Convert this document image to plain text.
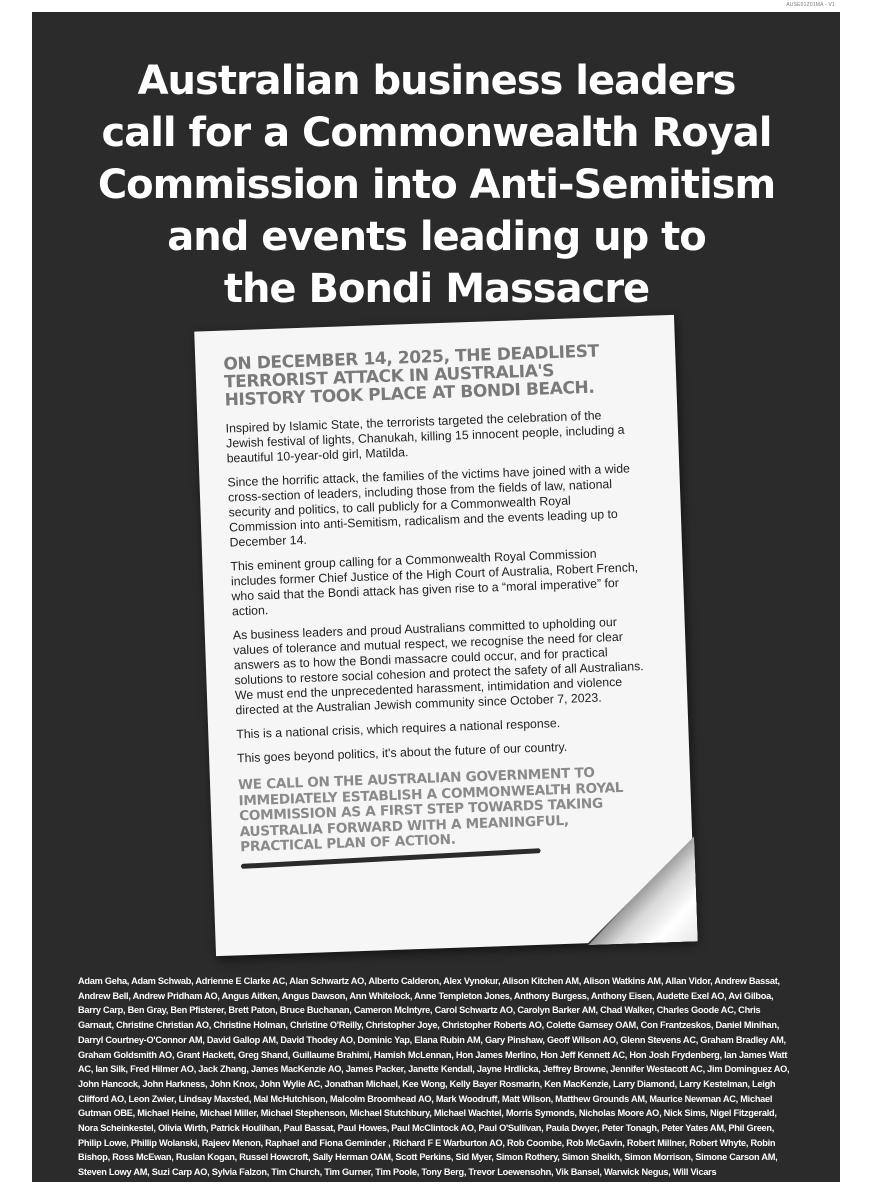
AUSE01Z01MA - V1
Australian business leaders
call for a Commonwealth Royal
Commission into Anti-Semitism
and events leading up to
the Bondi Massacre

ON DECEMBER 14, 2025, THE DEADLIEST TERRORIST ATTACK IN AUSTRALIA'S HISTORY TOOK PLACE AT BONDI BEACH.

Inspired by Islamic State, the terrorists targeted the celebration of the Jewish festival of lights, Chanukah, killing 15 innocent people, including a beautiful 10-year-old girl, Matilda.

Since the horrific attack, the families of the victims have joined with a wide cross-section of leaders, including those from the fields of law, national security and politics, to call publicly for a Commonwealth Royal Commission into anti-Semitism, radicalism and the events leading up to December 14.

This eminent group calling for a Commonwealth Royal Commission includes former Chief Justice of the High Court of Australia, Robert French, who said that the Bondi attack has given rise to a “moral imperative” for action.

As business leaders and proud Australians committed to upholding our values of tolerance and mutual respect, we recognise the need for clear answers as to how the Bondi massacre could occur, and for practical solutions to restore social cohesion and protect the safety of all Australians. We must end the unprecedented harassment, intimidation and violence directed at the Australian Jewish community since October 7, 2023.

This is a national crisis, which requires a national response.

This goes beyond politics, it's about the future of our country.

WE CALL ON THE AUSTRALIAN GOVERNMENT TO IMMEDIATELY ESTABLISH A COMMONWEALTH ROYAL COMMISSION AS A FIRST STEP TOWARDS TAKING AUSTRALIA FORWARD WITH A MEANINGFUL, PRACTICAL PLAN OF ACTION.

Adam Geha, Adam Schwab, Adrienne E Clarke AC, Alan Schwartz AO, Alberto Calderon, Alex Vynokur, Alison Kitchen AM, Alison Watkins AM, Allan Vidor, Andrew Bassat, Andrew Bell, Andrew Pridham AO, Angus Aitken, Angus Dawson, Ann Whitelock, Anne Templeton Jones, Anthony Burgess, Anthony Eisen, Audette Exel AO, Avi Gilboa, Barry Carp, Ben Gray, Ben Pfisterer, Brett Paton, Bruce Buchanan, Cameron McIntyre, Carol Schwartz AO, Carolyn Barker AM, Chad Walker, Charles Goode AC, Chris Garnaut, Christine Christian AO, Christine Holman, Christine O'Reilly, Christopher Joye, Christopher Roberts AO, Colette Garnsey OAM, Con Frantzeskos, Daniel Minihan, Darryl Courtney-O'Connor AM, David Gallop AM, David Thodey AO, Dominic Yap, Elana Rubin AM, Gary Pinshaw, Geoff Wilson AO, Glenn Stevens AC, Graham Bradley AM, Graham Goldsmith AO, Grant Hackett, Greg Shand, Guillaume Brahimi, Hamish McLennan, Hon James Merlino, Hon Jeff Kennett AC, Hon Josh Frydenberg, Ian James Watt AC, Ian Silk, Fred Hilmer AO, Jack Zhang, James MacKenzie AO, James Packer, Janette Kendall, Jayne Hrdlicka, Jeffrey Browne, Jennifer Westacott AC, Jim Dominguez AO, John Hancock, John Harkness, John Knox, John Wylie AC, Jonathan Michael, Kee Wong, Kelly Bayer Rosmarin, Ken MacKenzie, Larry Diamond, Larry Kestelman, Leigh Clifford AO, Leon Zwier, Lindsay Maxsted, Mal McHutchison, Malcolm Broomhead AO, Mark Woodruff, Matt Wilson, Matthew Grounds AM, Maurice Newman AC, Michael Gutman OBE, Michael Heine, Michael Miller, Michael Stephenson, Michael Stutchbury, Michael Wachtel, Morris Symonds, Nicholas Moore AO, Nick Sims, Nigel Fitzgerald, Nora Scheinkestel, Olivia Wirth, Patrick Houlihan, Paul Bassat, Paul Howes, Paul McClintock AO, Paul O'Sullivan, Paula Dwyer, Peter Tonagh, Peter Yates AM, Phil Green, Philip Lowe, Phillip Wolanski, Rajeev Menon, Raphael and Fiona Geminder , Richard F E Warburton AO, Rob Coombe, Rob McGavin, Robert Millner, Robert Whyte, Robin Bishop, Ross McEwan, Ruslan Kogan, Russel Howcroft, Sally Herman OAM, Scott Perkins, Sid Myer, Simon Rothery, Simon Sheikh, Simon Morrison, Simone Carson AM, Steven Lowy AM, Suzi Carp AO, Sylvia Falzon, Tim Church, Tim Gurner, Tim Poole, Tony Berg, Trevor Loewensohn, Vik Bansel, Warwick Negus, Will Vicars
